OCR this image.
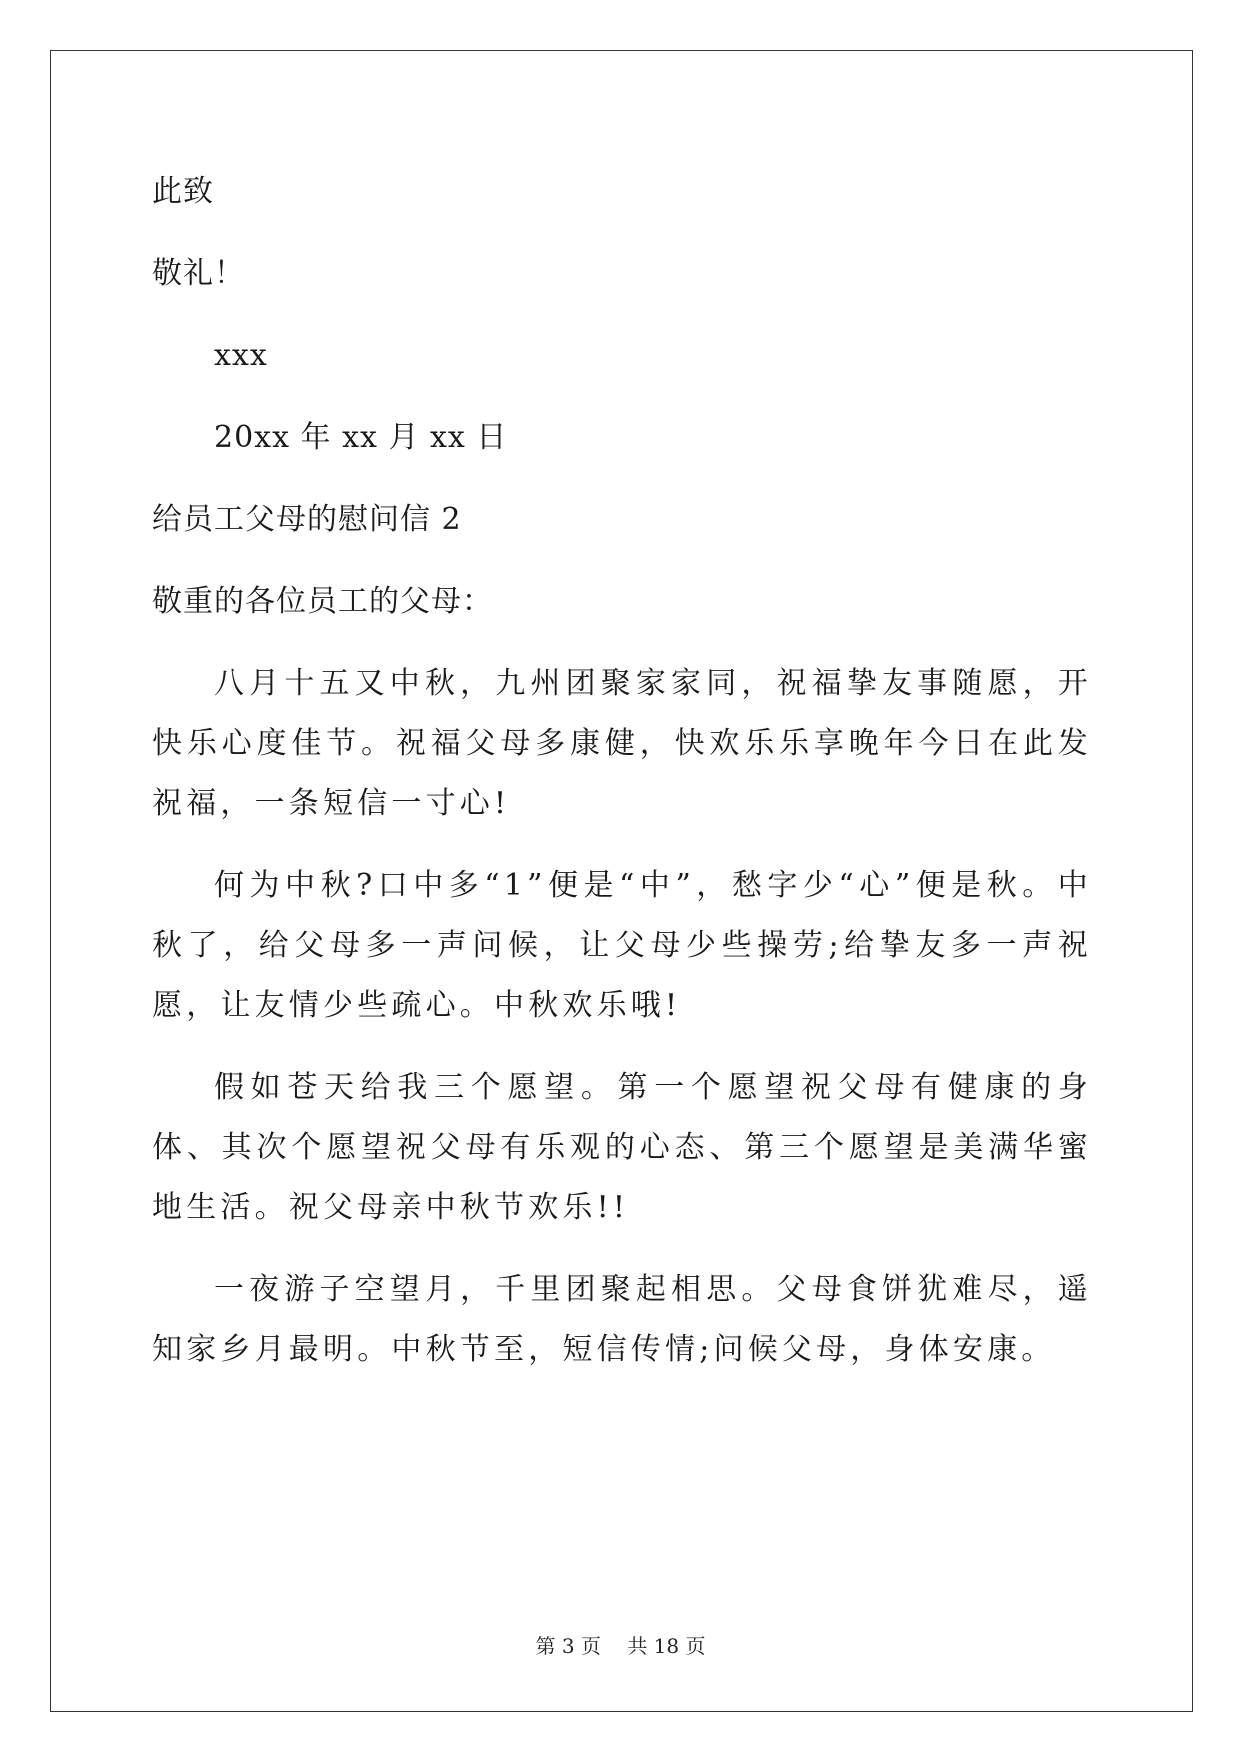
此致
敬礼！
xxx
20xx 年 xx 月 xx 日
给员工父母的慰问信 2
敬重的各位员工的父母：

八月十五又中秋，九州团聚家家同，祝福挚友事随愿，开快乐心度佳节。祝福父母多康健，快欢乐乐享晚年今日在此发祝福，一条短信一寸心!

何为中秋?口中多“1”便是“中”，愁字少“心”便是秋。中秋了，给父母多一声问候，让父母少些操劳;给挚友多一声祝愿，让友情少些疏心。中秋欢乐哦!

假如苍天给我三个愿望。第一个愿望祝父母有健康的身体、其次个愿望祝父母有乐观的心态、第三个愿望是美满华蜜地生活。祝父母亲中秋节欢乐!!

一夜游子空望月，千里团聚起相思。父母食饼犹难尽，遥知家乡月最明。中秋节至，短信传情;问候父母，身体安康。

第 3 页 共 18 页
